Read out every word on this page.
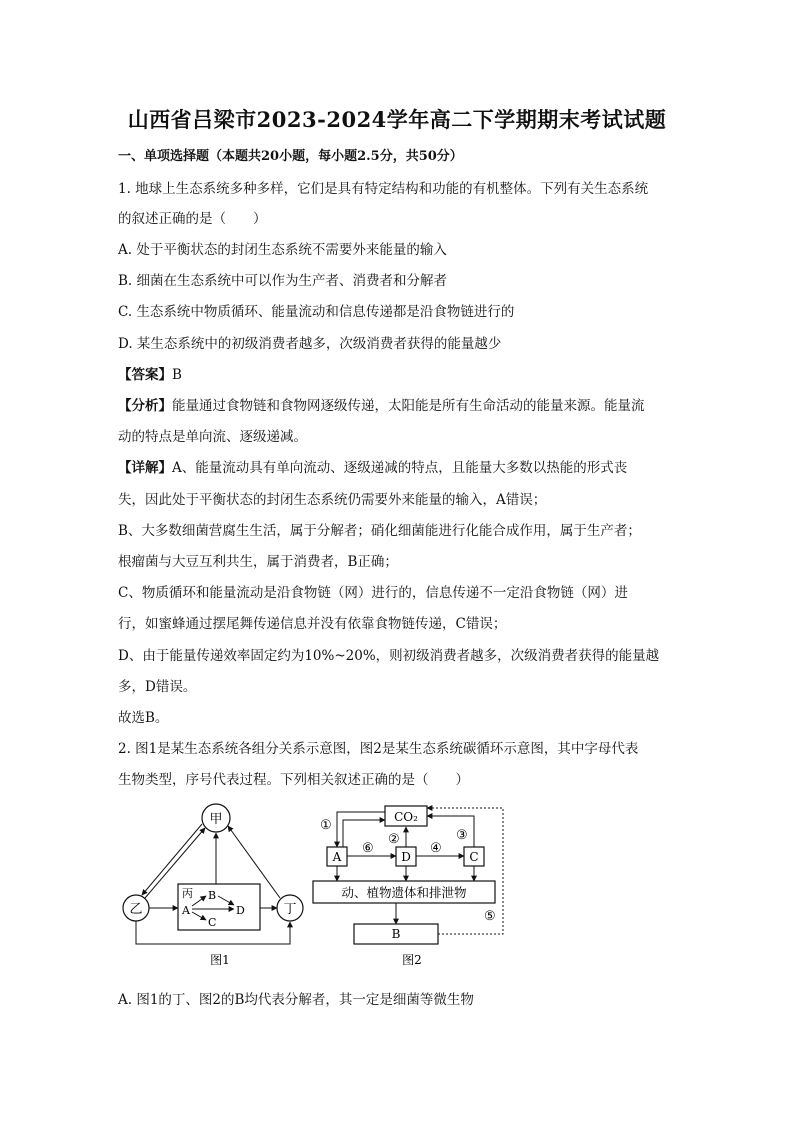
山西省吕梁市2023-2024学年高二下学期期末考试试题
一、单项选择题（本题共20小题，每小题2.5分，共50分）
1. 地球上生态系统多种多样，它们是具有特定结构和功能的有机整体。下列有关生态系统
的叙述正确的是（　　）
A. 处于平衡状态的封闭生态系统不需要外来能量的输入
B. 细菌在生态系统中可以作为生产者、消费者和分解者
C. 生态系统中物质循环、能量流动和信息传递都是沿食物链进行的
D. 某生态系统中的初级消费者越多，次级消费者获得的能量越少
【答案】B
【分析】能量通过食物链和食物网逐级传递，太阳能是所有生命活动的能量来源。能量流
动的特点是单向流、逐级递减。
【详解】A、能量流动具有单向流动、逐级递减的特点，且能量大多数以热能的形式丧
失，因此处于平衡状态的封闭生态系统仍需要外来能量的输入，A错误；
B、大多数细菌营腐生生活，属于分解者；硝化细菌能进行化能合成作用，属于生产者；
根瘤菌与大豆互利共生，属于消费者，B正确；
C、物质循环和能量流动是沿食物链（网）进行的，信息传递不一定沿食物链（网）进
行，如蜜蜂通过摆尾舞传递信息并没有依靠食物链传递，C错误；
D、由于能量传递效率固定约为10%~20%，则初级消费者越多，次级消费者获得的能量越
多，D错误。
故选B。
2. 图1是某生态系统各组分关系示意图，图2是某生态系统碳循环示意图，其中字母代表
生物类型，序号代表过程。下列相关叙述正确的是（　　）
甲
乙	丁
丙
A
B
C
D
图1
CO₂
A	D	C
动、植物遗体和排泄物
B
①
②	③
④
⑤
⑥
图2
A. 图1的丁、图2的B均代表分解者，其一定是细菌等微生物
